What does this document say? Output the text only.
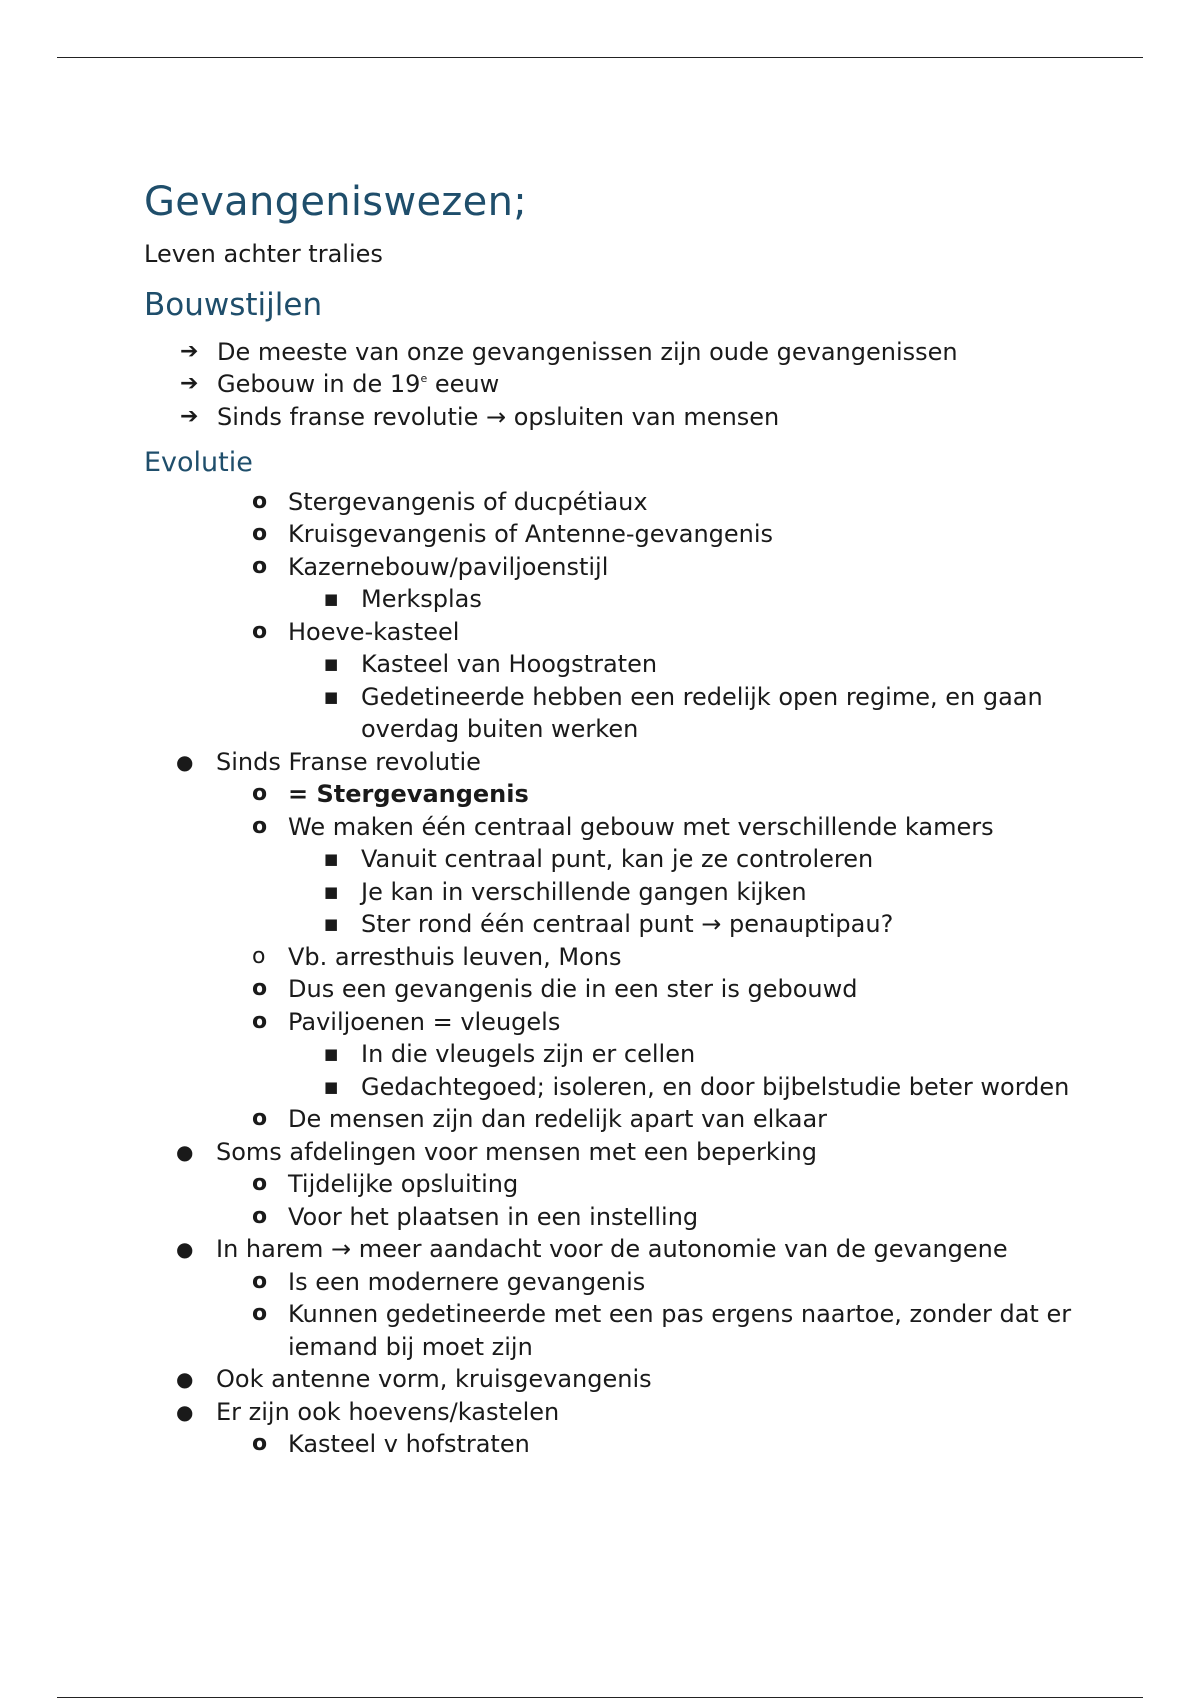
Gevangeniswezen;
Leven achter tralies
Bouwstijlen
➔ De meeste van onze gevangenissen zijn oude gevangenissen
➔ Gebouw in de 19e eeuw
➔ Sinds franse revolutie → opsluiten van mensen
Evolutie
o Stergevangenis of ducpétiaux
o Kruisgevangenis of Antenne-gevangenis
o Kazernebouw/paviljoenstijl
■ Merksplas
o Hoeve-kasteel
■ Kasteel van Hoogstraten
■ Gedetineerde hebben een redelijk open regime, en gaan overdag buiten werken
● Sinds Franse revolutie
o = Stergevangenis
o We maken één centraal gebouw met verschillende kamers
■ Vanuit centraal punt, kan je ze controleren
■ Je kan in verschillende gangen kijken
■ Ster rond één centraal punt → penauptipau?
o Vb. arresthuis leuven, Mons
o Dus een gevangenis die in een ster is gebouwd
o Paviljoenen = vleugels
■ In die vleugels zijn er cellen
■ Gedachtegoed; isoleren, en door bijbelstudie beter worden
o De mensen zijn dan redelijk apart van elkaar
● Soms afdelingen voor mensen met een beperking
o Tijdelijke opsluiting
o Voor het plaatsen in een instelling
● In harem → meer aandacht voor de autonomie van de gevangene
o Is een modernere gevangenis
o Kunnen gedetineerde met een pas ergens naartoe, zonder dat er iemand bij moet zijn
● Ook antenne vorm, kruisgevangenis
● Er zijn ook hoevens/kastelen
o Kasteel v hofstraten
